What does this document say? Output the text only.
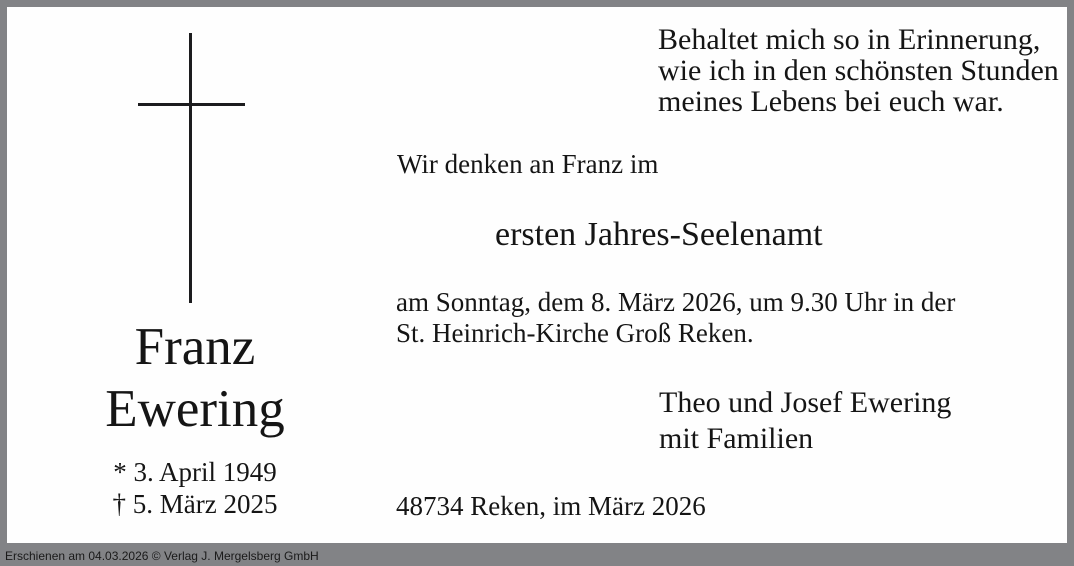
Franz
Ewering
* 3. April 1949
† 5. März 2025
Behaltet mich so in Erinnerung,
wie ich in den schönsten Stunden
meines Lebens bei euch war.
Wir denken an Franz im
ersten Jahres-Seelenamt
am Sonntag, dem 8. März 2026, um 9.30 Uhr in der
St. Heinrich-Kirche Groß Reken.
Theo und Josef Ewering
mit Familien
48734 Reken, im März 2026
Erschienen am 04.03.2026 © Verlag J. Mergelsberg GmbH
